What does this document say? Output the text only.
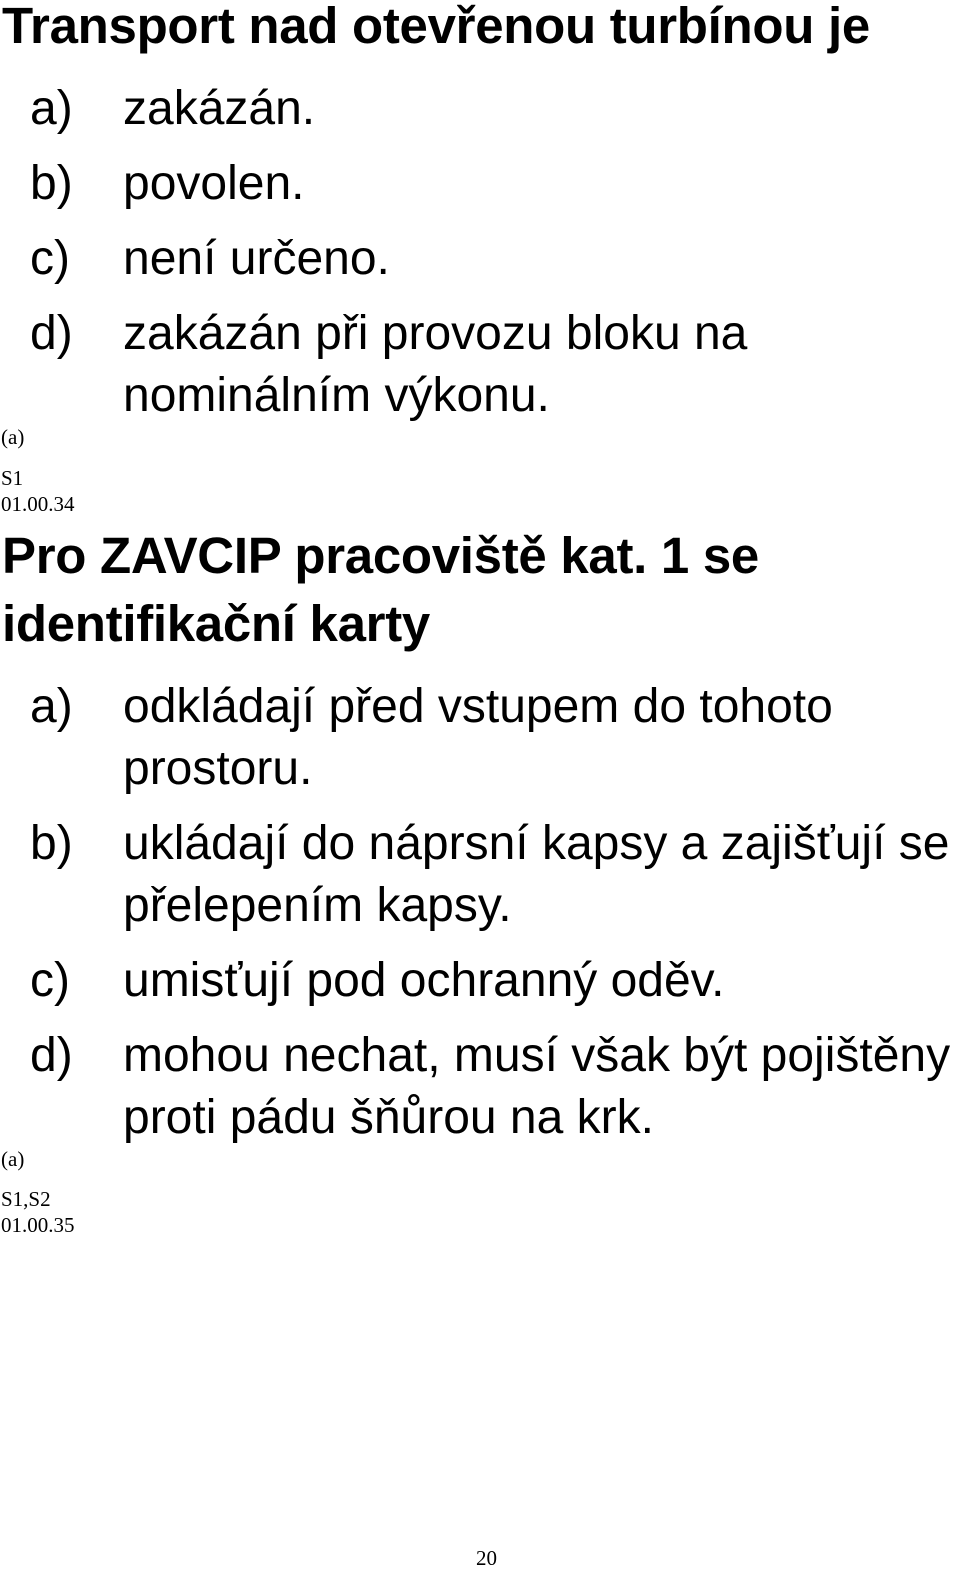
Transport nad otevřenou turbínou je
a) zakázán.
b) povolen.
c) není určeno.
d) zakázán při provozu bloku na
nominálním výkonu.
(a)
S1
01.00.34
Pro ZAVCIP pracoviště kat. 1 se
identifikační karty
a) odkládají před vstupem do tohoto
prostoru.
b) ukládají do náprsní kapsy a zajišťují se
přelepením kapsy.
c) umisťují pod ochranný oděv.
d) mohou nechat, musí však být pojištěny
proti pádu šňůrou na krk.
(a)
S1,S2
01.00.35
20
